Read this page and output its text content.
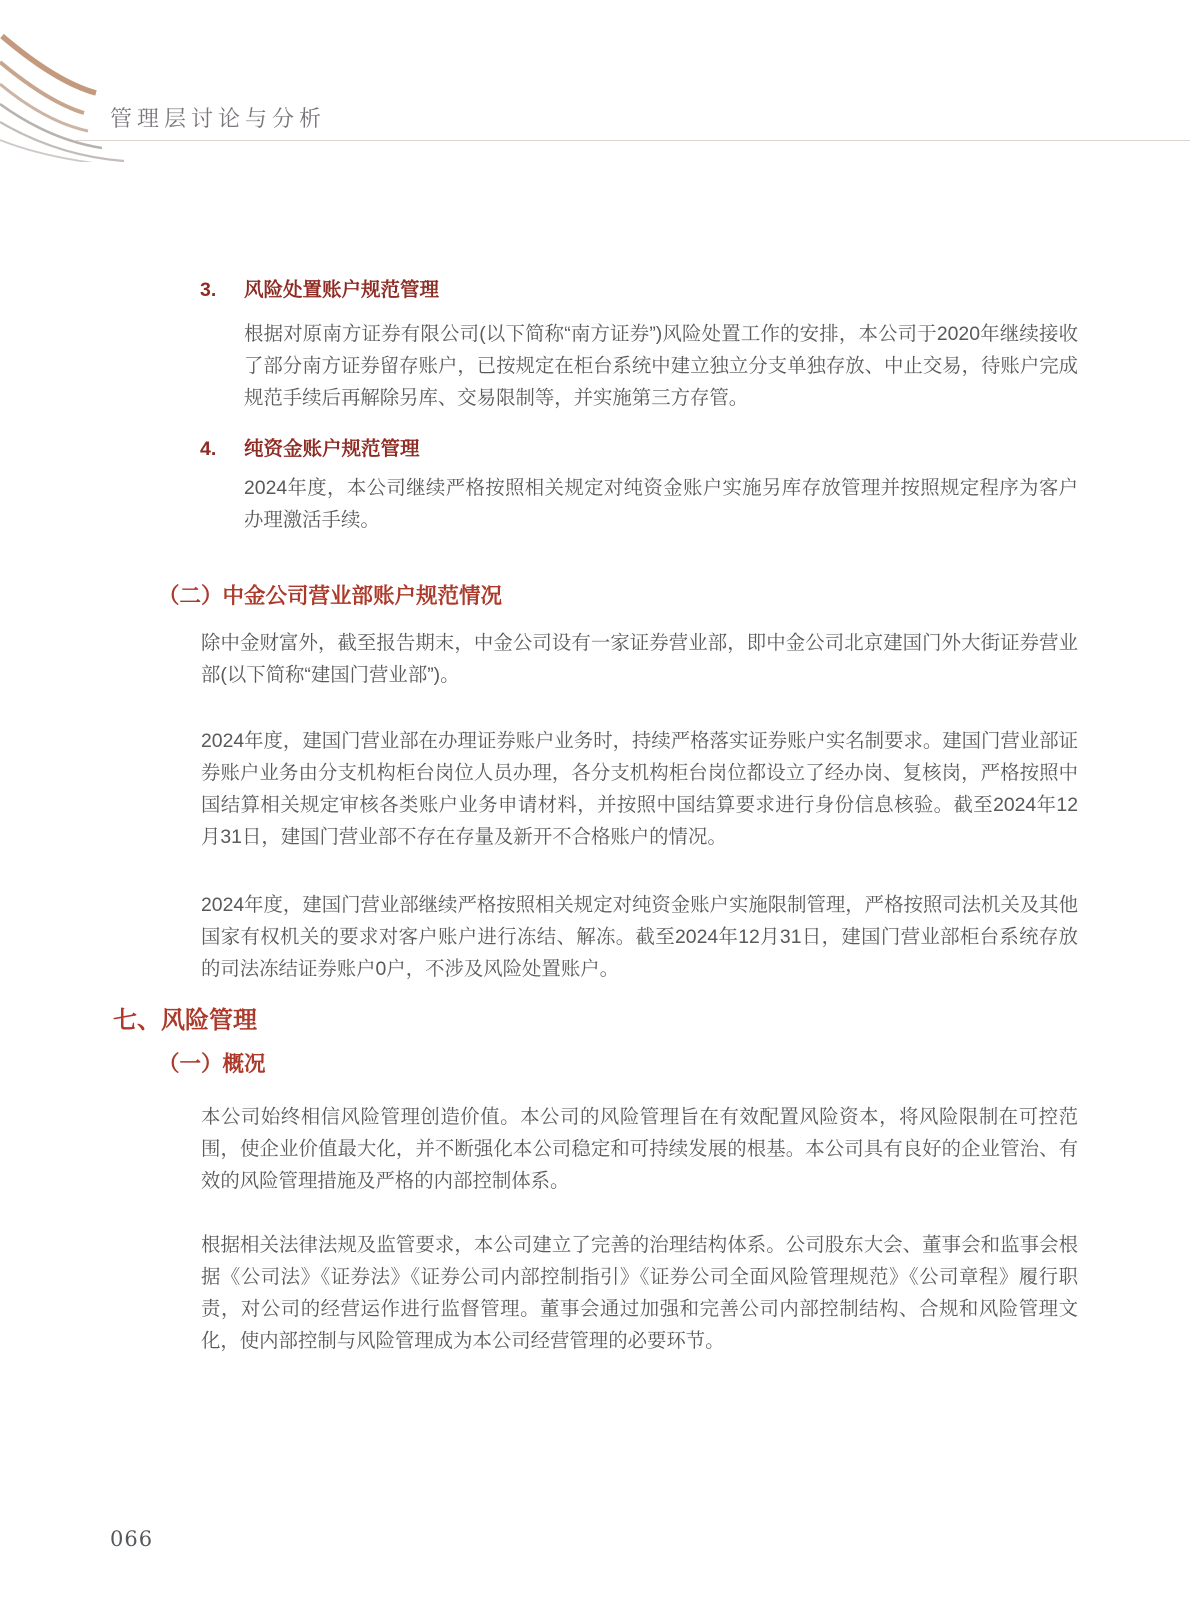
管理层讨论与分析
3. 风险处置账户规范管理

根据对原南方证券有限公司(以下简称“南方证券”)风险处置工作的安排，本公司于2020年继续接收了部分南方证券留存账户，已按规定在柜台系统中建立独立分支单独存放、中止交易，待账户完成规范手续后再解除另库、交易限制等，并实施第三方存管。

4. 纯资金账户规范管理

2024年度，本公司继续严格按照相关规定对纯资金账户实施另库存放管理并按照规定程序为客户办理激活手续。

（二）中金公司营业部账户规范情况

除中金财富外，截至报告期末，中金公司设有一家证券营业部，即中金公司北京建国门外大街证券营业部(以下简称“建国门营业部”)。

2024年度，建国门营业部在办理证券账户业务时，持续严格落实证券账户实名制要求。建国门营业部证券账户业务由分支机构柜台岗位人员办理，各分支机构柜台岗位都设立了经办岗、复核岗，严格按照中国结算相关规定审核各类账户业务申请材料，并按照中国结算要求进行身份信息核验。截至2024年12月31日，建国门营业部不存在存量及新开不合格账户的情况。

2024年度，建国门营业部继续严格按照相关规定对纯资金账户实施限制管理，严格按照司法机关及其他国家有权机关的要求对客户账户进行冻结、解冻。截至2024年12月31日，建国门营业部柜台系统存放的司法冻结证券账户0户，不涉及风险处置账户。

七、风险管理
（一）概况

本公司始终相信风险管理创造价值。本公司的风险管理旨在有效配置风险资本，将风险限制在可控范围，使企业价值最大化，并不断强化本公司稳定和可持续发展的根基。本公司具有良好的企业管治、有效的风险管理措施及严格的内部控制体系。

根据相关法律法规及监管要求，本公司建立了完善的治理结构体系。公司股东大会、董事会和监事会根据《公司法》《证券法》《证券公司内部控制指引》《证券公司全面风险管理规范》《公司章程》履行职责，对公司的经营运作进行监督管理。董事会通过加强和完善公司内部控制结构、合规和风险管理文化，使内部控制与风险管理成为本公司经营管理的必要环节。

066
